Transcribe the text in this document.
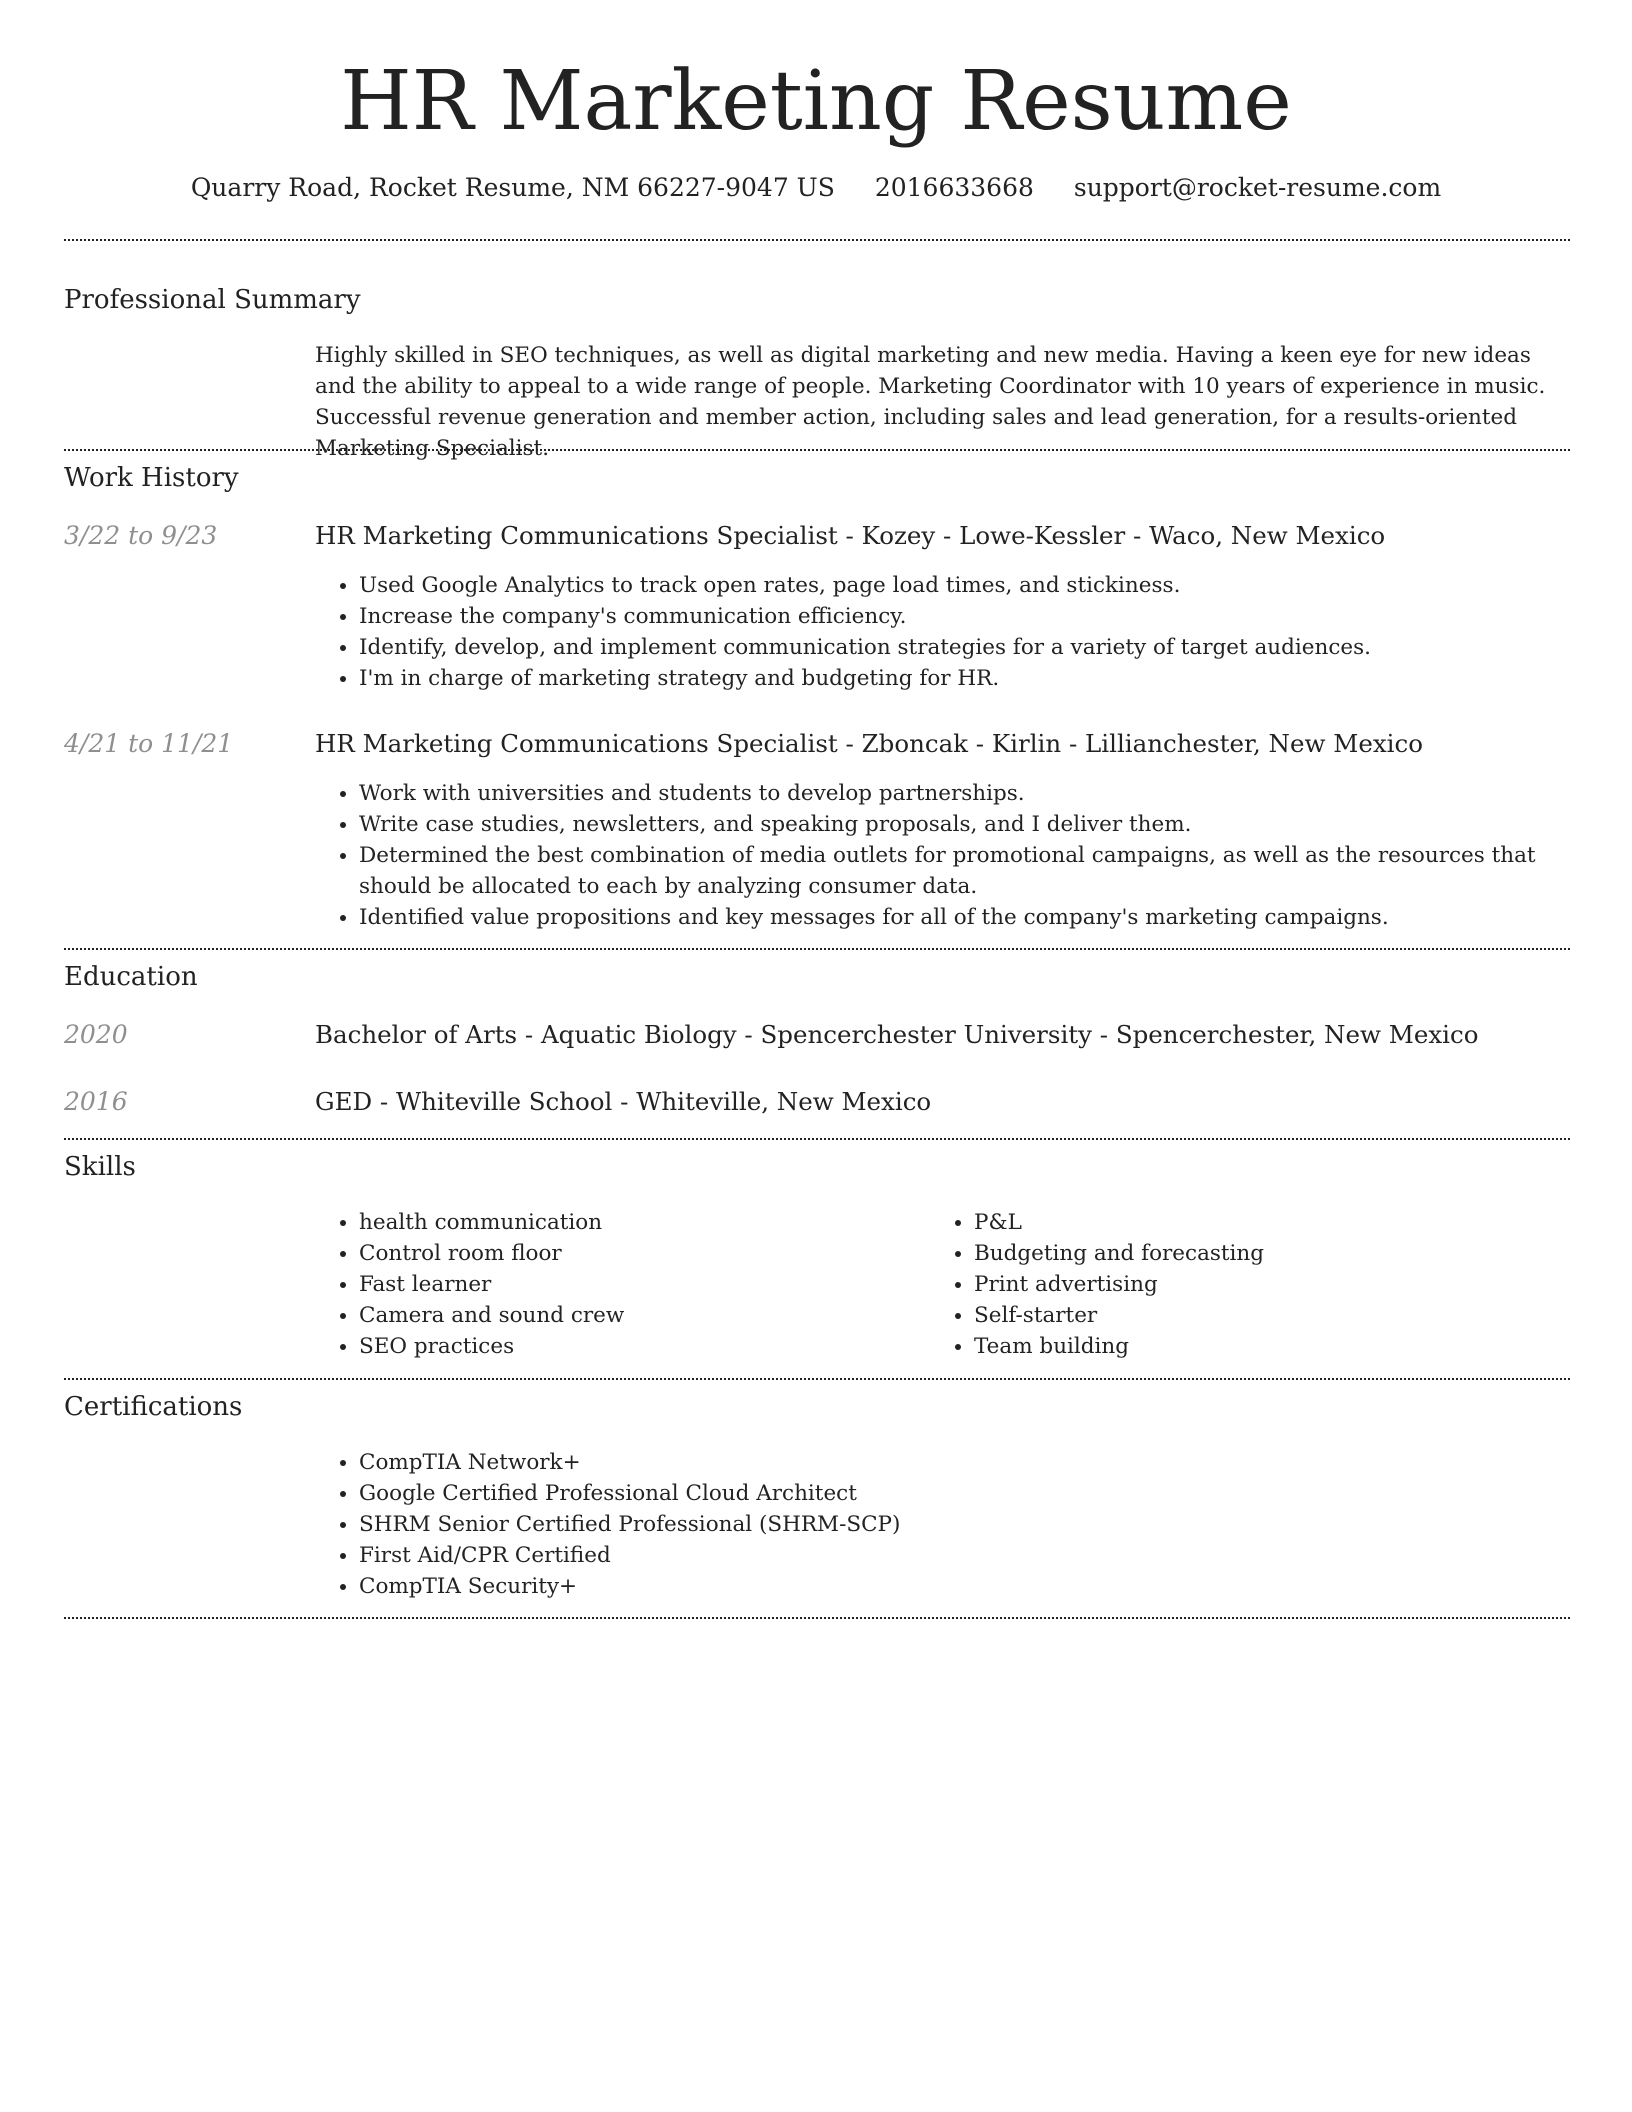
HR Marketing Resume
Quarry Road, Rocket Resume, NM 66227-9047 US 2016633668 support@rocket-resume.com
Professional Summary
Highly skilled in SEO techniques, as well as digital marketing and new media. Having a keen eye for new ideas and the ability to appeal to a wide range of people. Marketing Coordinator with 10 years of experience in music. Successful revenue generation and member action, including sales and lead generation, for a results-oriented Marketing Specialist.
Work History
3/22 to 9/23	HR Marketing Communications Specialist - Kozey - Lowe-Kessler - Waco, New Mexico
• Used Google Analytics to track open rates, page load times, and stickiness.
• Increase the company's communication efficiency.
• Identify, develop, and implement communication strategies for a variety of target audiences.
• I'm in charge of marketing strategy and budgeting for HR.
4/21 to 11/21	HR Marketing Communications Specialist - Zboncak - Kirlin - Lillianchester, New Mexico
• Work with universities and students to develop partnerships.
• Write case studies, newsletters, and speaking proposals, and I deliver them.
• Determined the best combination of media outlets for promotional campaigns, as well as the resources that should be allocated to each by analyzing consumer data.
• Identified value propositions and key messages for all of the company's marketing campaigns.
Education
2020	Bachelor of Arts - Aquatic Biology - Spencerchester University - Spencerchester, New Mexico
2016	GED - Whiteville School - Whiteville, New Mexico
Skills
• health communication
• Control room floor
• Fast learner
• Camera and sound crew
• SEO practices
• P&L
• Budgeting and forecasting
• Print advertising
• Self-starter
• Team building
Certifications
• CompTIA Network+
• Google Certified Professional Cloud Architect
• SHRM Senior Certified Professional (SHRM-SCP)
• First Aid/CPR Certified
• CompTIA Security+
